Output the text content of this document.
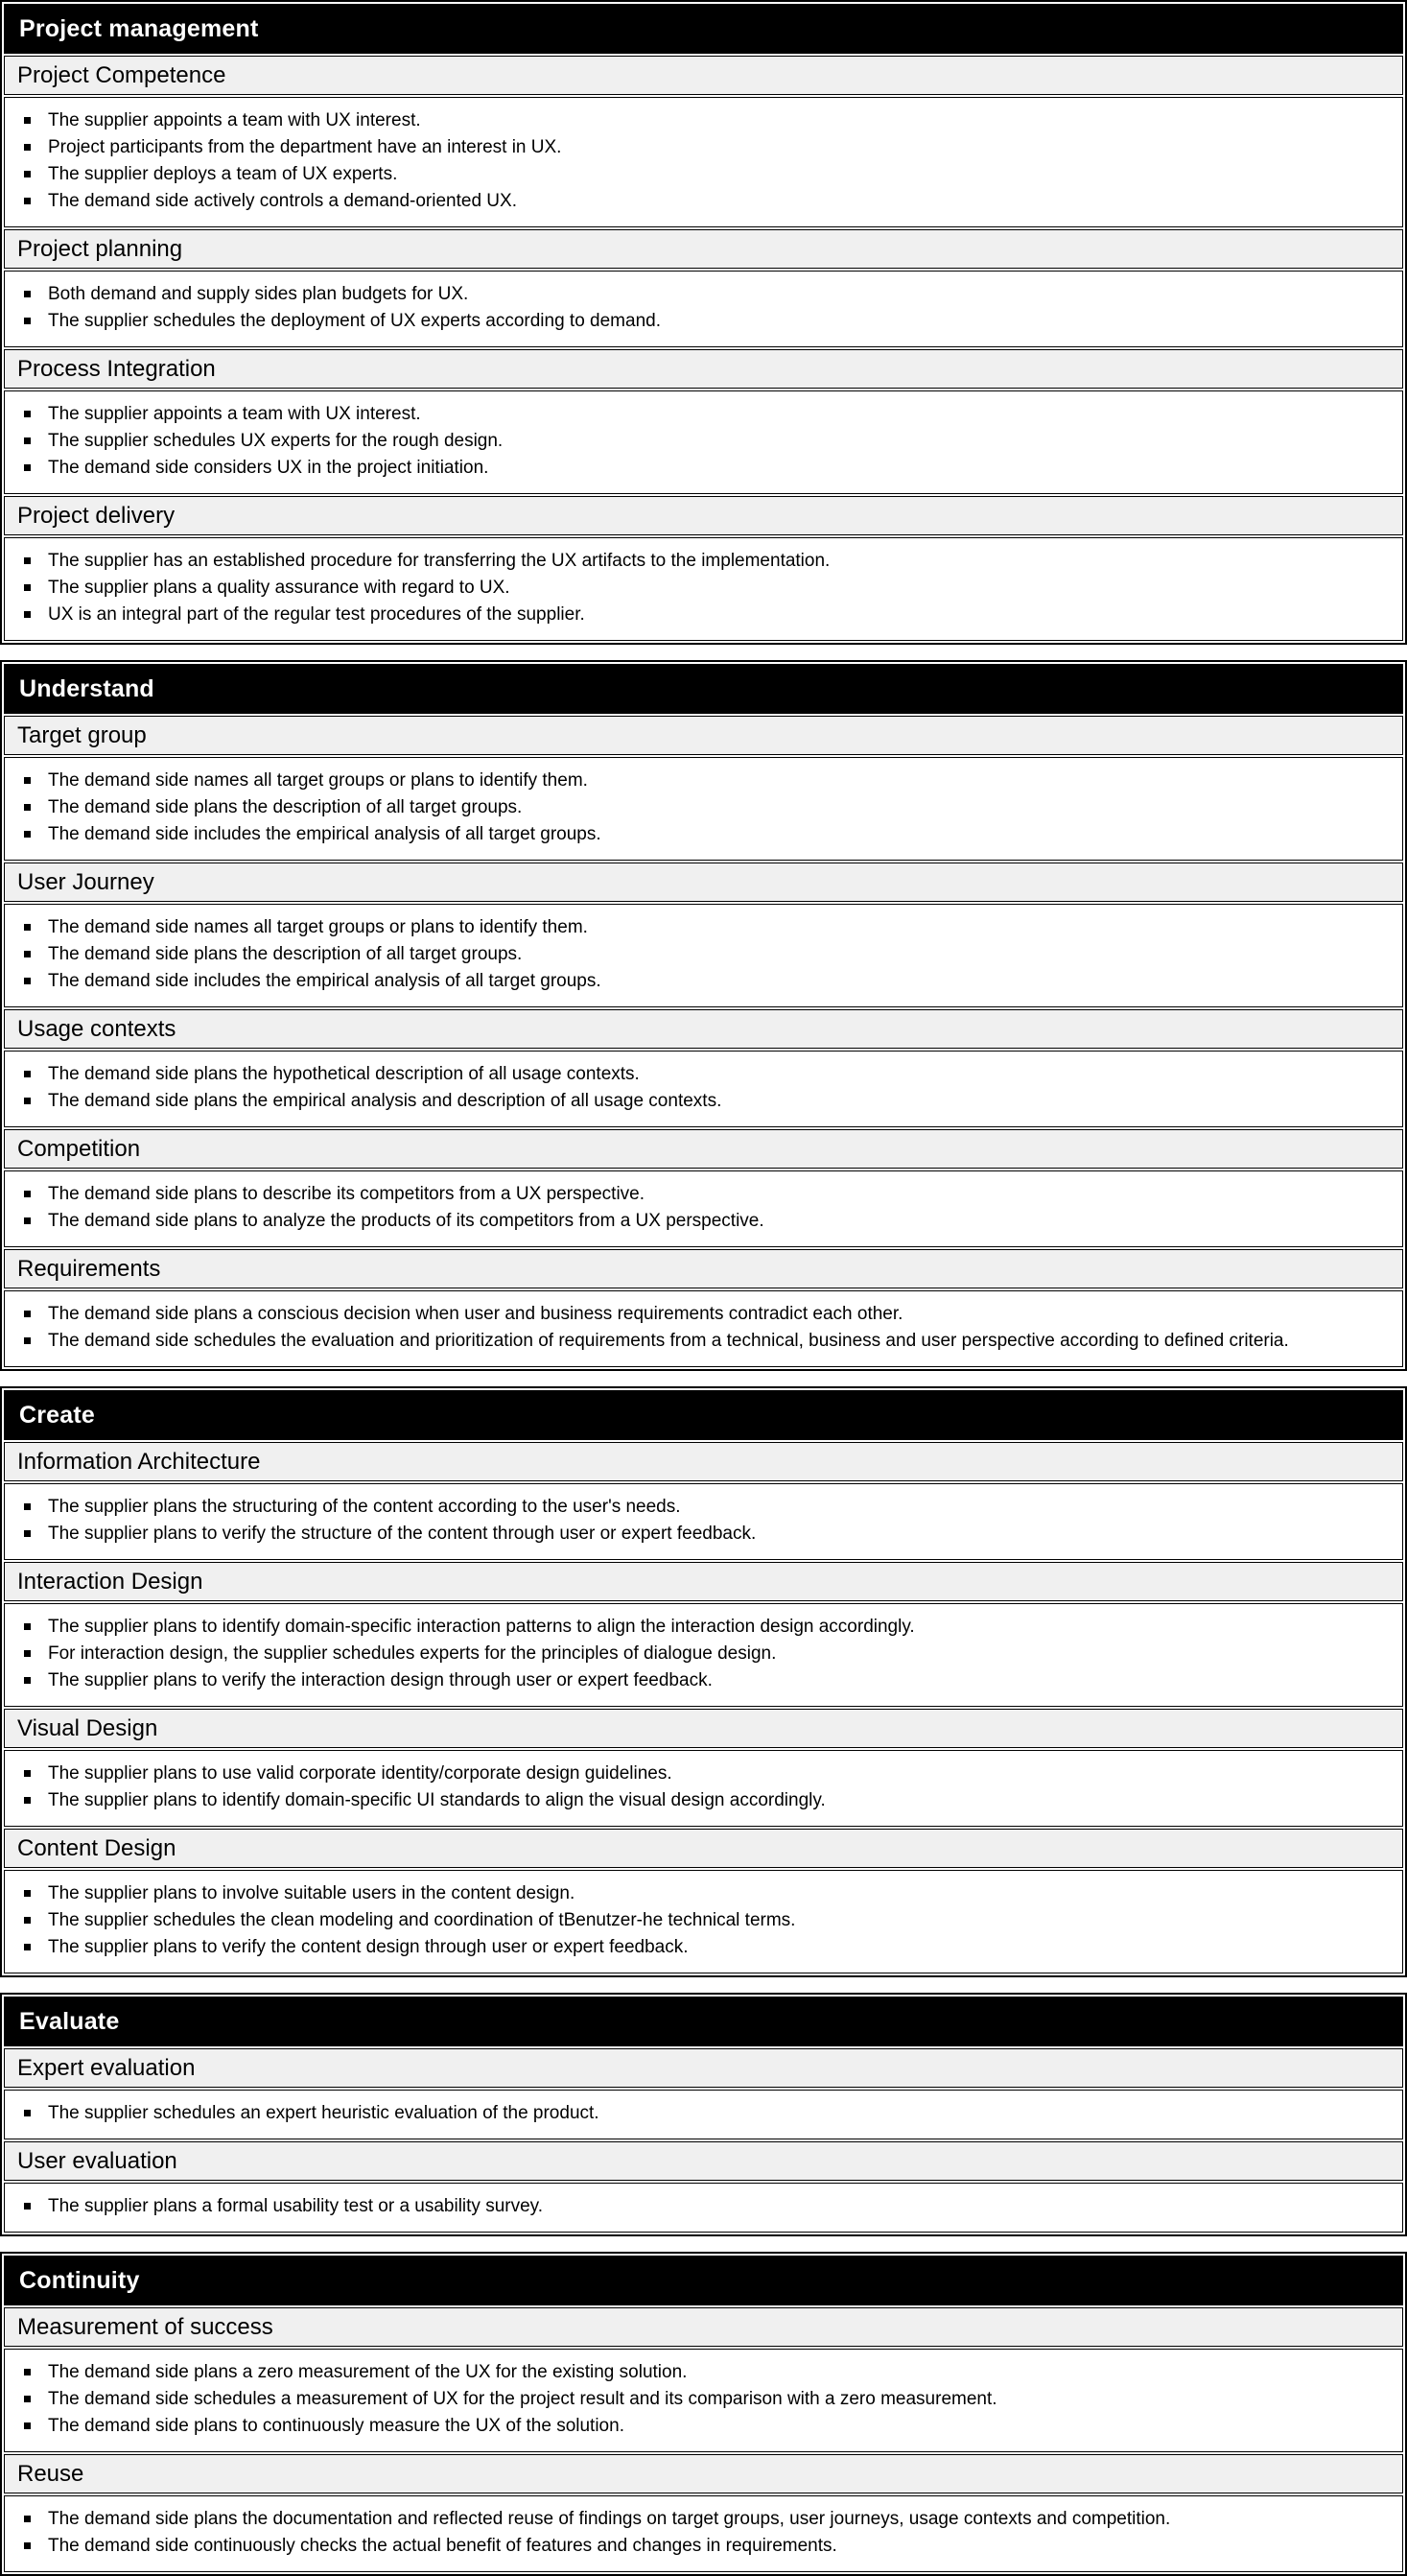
Project management
Project Competence
The supplier appoints a team with UX interest.
Project participants from the department have an interest in UX.
The supplier deploys a team of UX experts.
The demand side actively controls a demand-oriented UX.
Project planning
Both demand and supply sides plan budgets for UX.
The supplier schedules the deployment of UX experts according to demand.
Process Integration
The supplier appoints a team with UX interest.
The supplier schedules UX experts for the rough design.
The demand side considers UX in the project initiation.
Project delivery
The supplier has an established procedure for transferring the UX artifacts to the implementation.
The supplier plans a quality assurance with regard to UX.
UX is an integral part of the regular test procedures of the supplier.
Understand
Target group
The demand side names all target groups or plans to identify them.
The demand side plans the description of all target groups.
The demand side includes the empirical analysis of all target groups.
User Journey
The demand side names all target groups or plans to identify them.
The demand side plans the description of all target groups.
The demand side includes the empirical analysis of all target groups.
Usage contexts
The demand side plans the hypothetical description of all usage contexts.
The demand side plans the empirical analysis and description of all usage contexts.
Competition
The demand side plans to describe its competitors from a UX perspective.
The demand side plans to analyze the products of its competitors from a UX perspective.
Requirements
The demand side plans a conscious decision when user and business requirements contradict each other.
The demand side schedules the evaluation and prioritization of requirements from a technical, business and user perspective according to defined criteria.
Create
Information Architecture
The supplier plans the structuring of the content according to the user's needs.
The supplier plans to verify the structure of the content through user or expert feedback.
Interaction Design
The supplier plans to identify domain-specific interaction patterns to align the interaction design accordingly.
For interaction design, the supplier schedules experts for the principles of dialogue design.
The supplier plans to verify the interaction design through user or expert feedback.
Visual Design
The supplier plans to use valid corporate identity/corporate design guidelines.
The supplier plans to identify domain-specific UI standards to align the visual design accordingly.
Content Design
The supplier plans to involve suitable users in the content design.
The supplier schedules the clean modeling and coordination of tBenutzer-he technical terms.
The supplier plans to verify the content design through user or expert feedback.
Evaluate
Expert evaluation
The supplier schedules an expert heuristic evaluation of the product.
User evaluation
The supplier plans a formal usability test or a usability survey.
Continuity
Measurement of success
The demand side plans a zero measurement of the UX for the existing solution.
The demand side schedules a measurement of UX for the project result and its comparison with a zero measurement.
The demand side plans to continuously measure the UX of the solution.
Reuse
The demand side plans the documentation and reflected reuse of findings on target groups, user journeys, usage contexts and competition.
The demand side continuously checks the actual benefit of features and changes in requirements.
